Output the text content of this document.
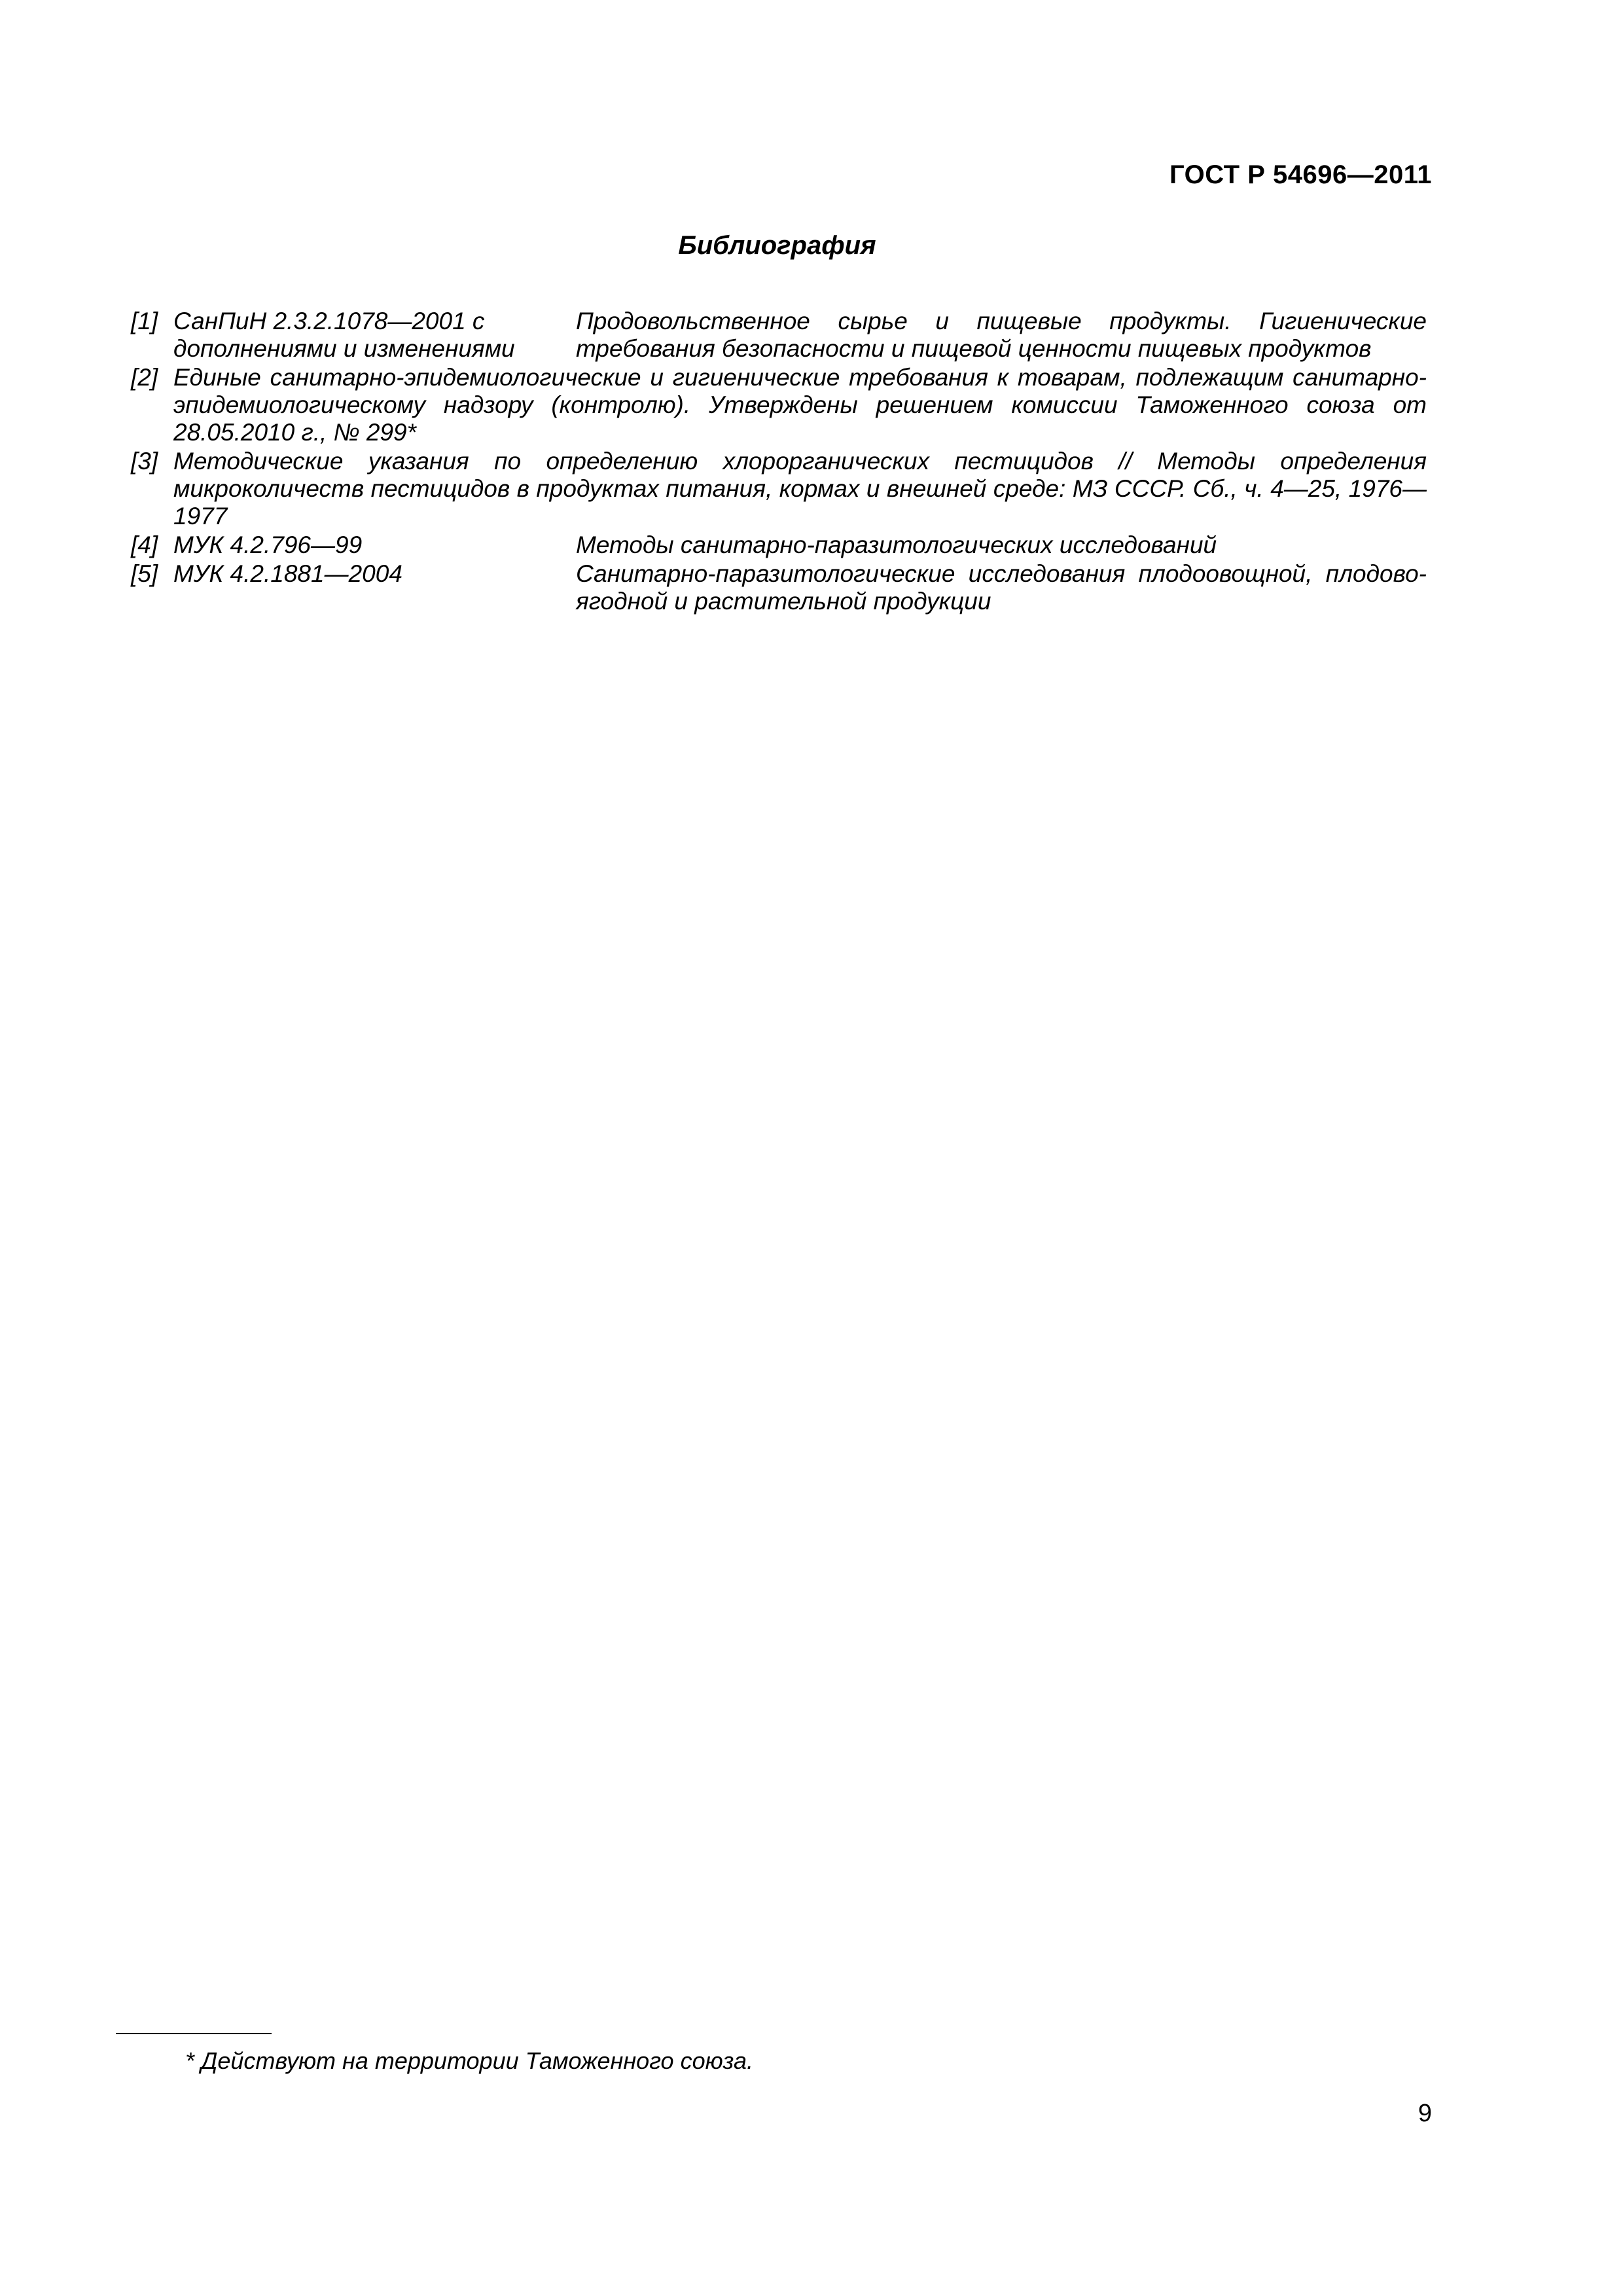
ГОСТ Р 54696—2011
Библиография
[1] СанПиН 2.3.2.1078—2001 с дополнениями и изменениями
Продовольственное сырье и пищевые продукты. Гигиенические требования безопасности и пищевой ценности пищевых продуктов
[2] Единые санитарно-эпидемиологические и гигиенические требования к товарам, подлежащим санитарно-эпидемиологическому надзору (контролю). Утверждены решением комиссии Таможенного союза от 28.05.2010 г., № 299*
[3] Методические указания по определению хлорорганических пестицидов // Методы определения микроколичеств пестицидов в продуктах питания, кормах и внешней среде: МЗ СССР. Сб., ч. 4—25, 1976—1977
[4] МУК 4.2.796—99	Методы санитарно-паразитологических исследований
[5] МУК 4.2.1881—2004	Санитарно-паразитологические исследования плодоовощной, плодово-ягодной и растительной продукции
* Действуют на территории Таможенного союза.
9
